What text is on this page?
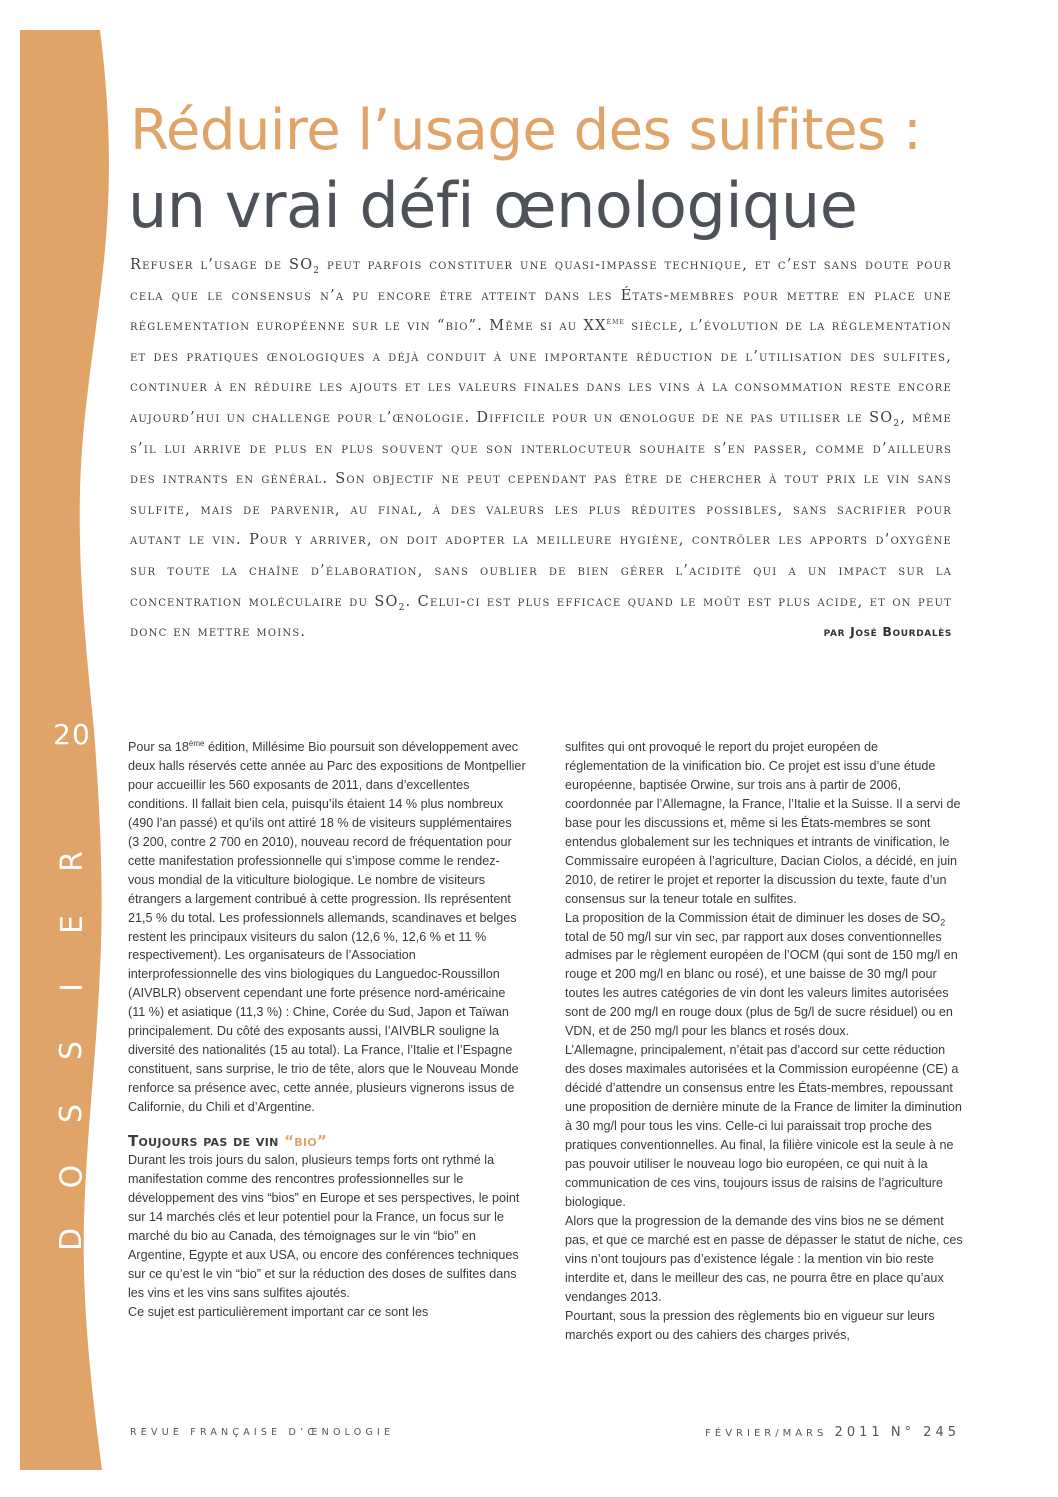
20
R
E
I
S
S
O
D
Réduire l’usage des sulfites :
un vrai défi œnologique
Refuser l’usage de $SO_2$ peut parfois constituer une quasi-impasse technique, et c’est sans doute pour cela que le consensus n’a pu encore être atteint dans les États-membres pour mettre en place une réglementation européenne sur le vin “bio”. Même si au XXème siècle, l’évolution de la réglementation et des pratiques œnologiques a déjà conduit à une importante réduction de l’utilisation des sulfites, continuer à en réduire les ajouts et les valeurs finales dans les vins à la consommation reste encore aujourd’hui un challenge pour l’œnologie. Difficile pour un œnologue de ne pas utiliser le $SO_2$, même s’il lui arrive de plus en plus souvent que son interlocuteur souhaite s’en passer, comme d’ailleurs des intrants en général. Son objectif ne peut cependant pas être de chercher à tout prix le vin sans sulfite, mais de parvenir, au final, à des valeurs les plus réduites possibles, sans sacrifier pour autant le vin. Pour y arriver, on doit adopter la meilleure hygiène, contrôler les apports d’oxygène sur toute la chaîne d’élaboration, sans oublier de bien gérer l’acidité qui a un impact sur la concentration moléculaire du $SO_2$. Celui-ci est plus efficace quand le moût est plus acide, et on peut donc en mettre moins.	par José Bourdalès

Pour sa 18ème édition, Millésime Bio poursuit son développement avec deux halls réservés cette année au Parc des expositions de Montpellier pour accueillir les 560 exposants de 2011, dans d’excellentes conditions. Il fallait bien cela, puisqu’ils étaient 14 % plus nombreux (490 l’an passé) et qu’ils ont attiré 18 % de visiteurs supplémentaires (3 200, contre 2 700 en 2010), nouveau record de fréquentation pour cette manifestation professionnelle qui s’impose comme le rendez-vous mondial de la viticulture biologique. Le nombre de visiteurs étrangers a largement contribué à cette progression. Ils représentent 21,5 % du total. Les professionnels allemands, scandinaves et belges restent les principaux visiteurs du salon (12,6 %, 12,6 % et 11 % respectivement). Les organisateurs de l’Association interprofessionnelle des vins biologiques du Languedoc-Roussillon (AIVBLR) observent cependant une forte présence nord-américaine (11 %) et asiatique (11,3 %) : Chine, Corée du Sud, Japon et Taïwan principalement. Du côté des exposants aussi, l’AIVBLR souligne la diversité des nationalités (15 au total). La France, l’Italie et l’Espagne constituent, sans surprise, le trio de tête, alors que le Nouveau Monde renforce sa présence avec, cette année, plusieurs vignerons issus de Californie, du Chili et d’Argentine.

Toujours pas de vin “bio”

Durant les trois jours du salon, plusieurs temps forts ont rythmé la manifestation comme des rencontres professionnelles sur le développement des vins “bios” en Europe et ses perspectives, le point sur 14 marchés clés et leur potentiel pour la France, un focus sur le marché du bio au Canada, des témoignages sur le vin “bio” en Argentine, Egypte et aux USA, ou encore des conférences techniques sur ce qu’est le vin “bio” et sur la réduction des doses de sulfites dans les vins et les vins sans sulfites ajoutés.

Ce sujet est particulièrement important car ce sont les

sulfites qui ont provoqué le report du projet européen de réglementation de la vinification bio. Ce projet est issu d’une étude européenne, baptisée Orwine, sur trois ans à partir de 2006, coordonnée par l’Allemagne, la France, l’Italie et la Suisse. Il a servi de base pour les discussions et, même si les États-membres se sont entendus globalement sur les techniques et intrants de vinification, le Commissaire européen à l’agriculture, Dacian Ciolos, a décidé, en juin 2010, de retirer le projet et reporter la discussion du texte, faute d’un consensus sur la teneur totale en sulfites.

La proposition de la Commission était de diminuer les doses de $SO_2$ total de 50 mg/l sur vin sec, par rapport aux doses conventionnelles admises par le règlement européen de l’OCM (qui sont de 150 mg/l en rouge et 200 mg/l en blanc ou rosé), et une baisse de 30 mg/l pour toutes les autres catégories de vin dont les valeurs limites autorisées sont de 200 mg/l en rouge doux (plus de 5g/l de sucre résiduel) ou en VDN, et de 250 mg/l pour les blancs et rosés doux.

L’Allemagne, principalement, n’était pas d’accord sur cette réduction des doses maximales autorisées et la Commission européenne (CE) a décidé d’attendre un consensus entre les États-membres, repoussant une proposition de dernière minute de la France de limiter la diminution à 30 mg/l pour tous les vins. Celle-ci lui paraissait trop proche des pratiques conventionnelles. Au final, la filière vinicole est la seule à ne pas pouvoir utiliser le nouveau logo bio européen, ce qui nuit à la communication de ces vins, toujours issus de raisins de l’agriculture biologique.

Alors que la progression de la demande des vins bios ne se dément pas, et que ce marché est en passe de dépasser le statut de niche, ces vins n’ont toujours pas d’existence légale : la mention vin bio reste interdite et, dans le meilleur des cas, ne pourra être en place qu’aux vendanges 2013.

Pourtant, sous la pression des règlements bio en vigueur sur leurs marchés export ou des cahiers des charges privés,

REVUE FRANÇAISE D’ŒNOLOGIE	FÉVRIER/MARS 2011 N° 245
